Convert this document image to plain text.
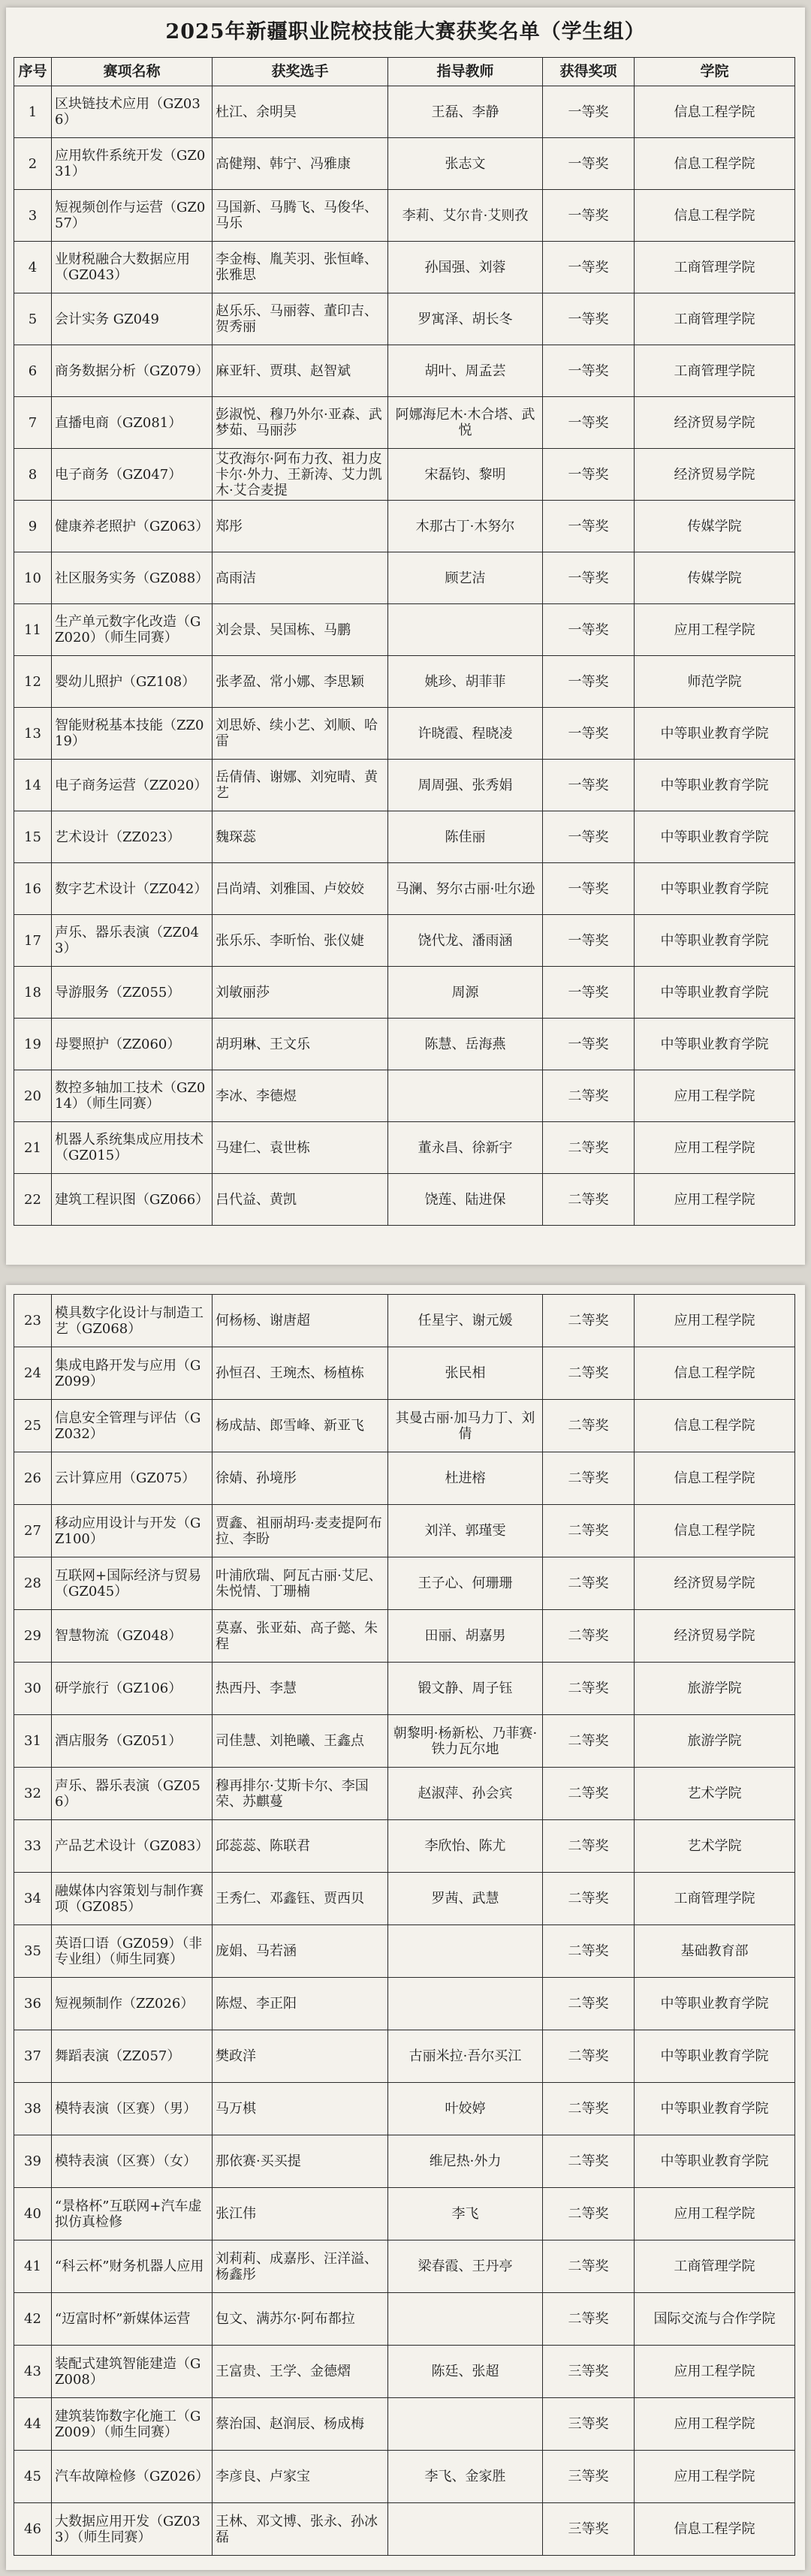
2025年新疆职业院校技能大赛获奖名单（学生组）
序号	赛项名称	获奖选手	指导教师	获得奖项	学院
1	区块链技术应用（GZ036）	杜江、余明昊	王磊、李静	一等奖	信息工程学院
2	应用软件系统开发（GZ031）	高健翔、韩宁、冯雅康	张志文	一等奖	信息工程学院
3	短视频创作与运营（GZ057）	马国新、马腾飞、马俊华、马乐	李莉、艾尔肯·艾则孜	一等奖	信息工程学院
4	业财税融合大数据应用（GZ043）	李金梅、胤芙羽、张恒峰、张雅思	孙国强、刘蓉	一等奖	工商管理学院
5	会计实务 GZ049	赵乐乐、马丽蓉、董印吉、贺秀丽	罗寓泽、胡长冬	一等奖	工商管理学院
6	商务数据分析（GZ079）	麻亚轩、贾琪、赵智斌	胡叶、周孟芸	一等奖	工商管理学院
7	直播电商（GZ081）	彭淑悦、穆乃外尔·亚森、武梦茹、马丽莎	阿娜海尼木·木合塔、武悦	一等奖	经济贸易学院
8	电子商务（GZ047）	艾孜海尔·阿布力孜、祖力皮卡尔·外力、王新涛、艾力凯木·艾合麦提	宋磊钧、黎明	一等奖	经济贸易学院
9	健康养老照护（GZ063）	郑彤	木那古丁·木努尔	一等奖	传媒学院
10	社区服务实务（GZ088）	高雨洁	顾艺洁	一等奖	传媒学院
11	生产单元数字化改造（GZ020）（师生同赛）	刘会景、吴国栋、马鹏		一等奖	应用工程学院
12	婴幼儿照护（GZ108）	张孝盈、常小娜、李思颖	姚珍、胡菲菲	一等奖	师范学院
13	智能财税基本技能（ZZ019）	刘思娇、续小艺、刘顺、哈雷	许晓霞、程晓凌	一等奖	中等职业教育学院
14	电子商务运营（ZZ020）	岳倩倩、谢娜、刘宛晴、黄艺	周周强、张秀娟	一等奖	中等职业教育学院
15	艺术设计（ZZ023）	魏琛蕊	陈佳丽	一等奖	中等职业教育学院
16	数字艺术设计（ZZ042）	吕尚靖、刘雅国、卢姣姣	马澜、努尔古丽·吐尔逊	一等奖	中等职业教育学院
17	声乐、器乐表演（ZZ043）	张乐乐、李昕怡、张仪婕	饶代龙、潘雨涵	一等奖	中等职业教育学院
18	导游服务（ZZ055）	刘敏丽莎	周源	一等奖	中等职业教育学院
19	母婴照护（ZZ060）	胡玥琳、王文乐	陈慧、岳海燕	一等奖	中等职业教育学院
20	数控多轴加工技术（GZ014）（师生同赛）	李冰、李德煜		二等奖	应用工程学院
21	机器人系统集成应用技术（GZ015）	马建仁、袁世栋	董永昌、徐新宇	二等奖	应用工程学院
22	建筑工程识图（GZ066）	吕代益、黄凯	饶莲、陆进保	二等奖	应用工程学院
23	模具数字化设计与制造工艺（GZ068）	何杨杨、谢唐超	任星宇、谢元媛	二等奖	应用工程学院
24	集成电路开发与应用（GZ099）	孙恒召、王琬杰、杨植栋	张民相	二等奖	信息工程学院
25	信息安全管理与评估（GZ032）	杨成喆、郎雪峰、新亚飞	其曼古丽·加马力丁、刘倩	二等奖	信息工程学院
26	云计算应用（GZ075）	徐婧、孙境彤	杜进榕	二等奖	信息工程学院
27	移动应用设计与开发（GZ100）	贾鑫、祖丽胡玛·麦麦提阿布拉、李盼	刘洋、郭瑾雯	二等奖	信息工程学院
28	互联网+国际经济与贸易（GZ045）	叶浦欣瑞、阿瓦古丽·艾尼、朱悦情、丁珊楠	王子心、何珊珊	二等奖	经济贸易学院
29	智慧物流（GZ048）	莫嘉、张亚茹、高子懿、朱程	田丽、胡嘉男	二等奖	经济贸易学院
30	研学旅行（GZ106）	热西丹、李慧	锻文静、周子钰	二等奖	旅游学院
31	酒店服务（GZ051）	司佳慧、刘艳曦、王鑫点	朝黎明·杨新松、乃菲赛·铁力瓦尔地	二等奖	旅游学院
32	声乐、器乐表演（GZ056）	穆再排尔·艾斯卡尔、李国荣、苏麒蔓	赵淑萍、孙会宾	二等奖	艺术学院
33	产品艺术设计（GZ083）	邱蕊蕊、陈联君	李欣怡、陈尤	二等奖	艺术学院
34	融媒体内容策划与制作赛项（GZ085）	王秀仁、邓鑫钰、贾西贝	罗茜、武慧	二等奖	工商管理学院
35	英语口语（GZ059）（非专业组）（师生同赛）	庞娟、马若涵		二等奖	基础教育部
36	短视频制作（ZZ026）	陈煜、李正阳		二等奖	中等职业教育学院
37	舞蹈表演（ZZ057）	樊政洋	古丽米拉·吾尔买江	二等奖	中等职业教育学院
38	模特表演（区赛）（男）	马万棋	叶姣婷	二等奖	中等职业教育学院
39	模特表演（区赛）（女）	那依赛·买买提	维尼热·外力	二等奖	中等职业教育学院
40	“景格杯”互联网+汽车虚拟仿真检修	张江伟	李飞	二等奖	应用工程学院
41	“科云杯”财务机器人应用	刘莉莉、成嘉彤、汪洋溢、杨鑫彤	梁春霞、王丹亭	二等奖	工商管理学院
42	“迈富时杯”新媒体运营	包文、满苏尔·阿布都拉		二等奖	国际交流与合作学院
43	装配式建筑智能建造（GZ008）	王富贵、王学、金德熠	陈廷、张超	三等奖	应用工程学院
44	建筑装饰数字化施工（GZ009）（师生同赛）	蔡治国、赵润辰、杨成梅		三等奖	应用工程学院
45	汽车故障检修（GZ026）	李彦良、卢家宝	李飞、金家胜	三等奖	应用工程学院
46	大数据应用开发（GZ033）（师生同赛）	王林、邓文博、张永、孙冰磊		三等奖	信息工程学院
